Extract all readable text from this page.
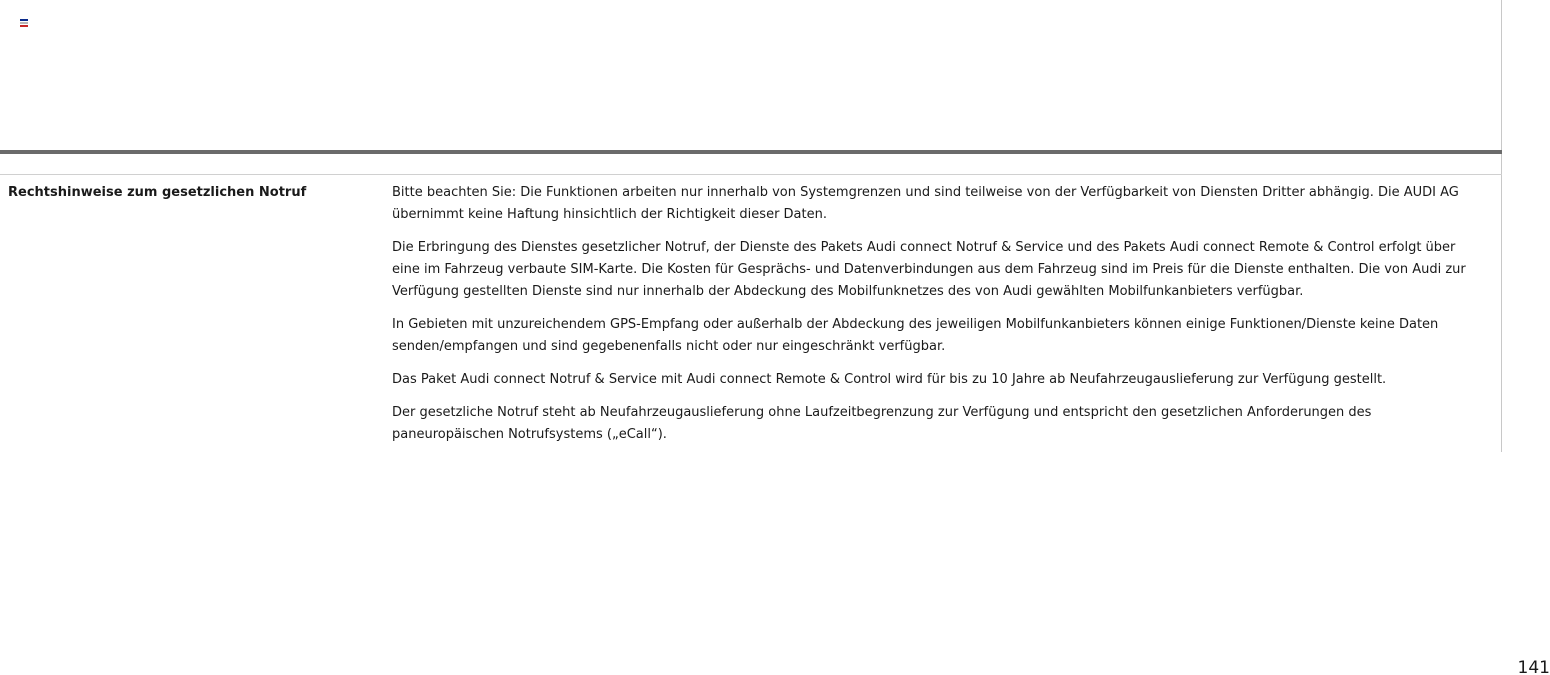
Rechtshinweise zum gesetzlichen Notruf	Bitte beachten Sie: Die Funktionen arbeiten nur innerhalb von Systemgrenzen und sind teilweise von der Verfügbarkeit von Diensten Dritter abhängig. Die AUDI AG übernimmt keine Haftung hinsichtlich der Richtigkeit dieser Daten.

Die Erbringung des Dienstes gesetzlicher Notruf, der Dienste des Pakets Audi connect Notruf & Service und des Pakets Audi connect Remote & Control erfolgt über eine im Fahrzeug verbaute SIM-Karte. Die Kosten für Gesprächs- und Datenverbindungen aus dem Fahrzeug sind im Preis für die Dienste enthalten. Die von Audi zur Verfügung gestellten Dienste sind nur innerhalb der Abdeckung des Mobilfunknetzes des von Audi gewählten Mobilfunkanbieters verfügbar.

In Gebieten mit unzureichendem GPS-Empfang oder außerhalb der Abdeckung des jeweiligen Mobilfunkanbieters können einige Funktionen/Dienste keine Daten senden/empfangen und sind gegebenenfalls nicht oder nur eingeschränkt verfügbar.

Das Paket Audi connect Notruf & Service mit Audi connect Remote & Control wird für bis zu 10 Jahre ab Neufahrzeugauslieferung zur Verfügung gestellt.

Der gesetzliche Notruf steht ab Neufahrzeugauslieferung ohne Laufzeitbegrenzung zur Verfügung und entspricht den gesetzlichen Anforderungen des paneuropäischen Notrufsystems („eCall“).

141
